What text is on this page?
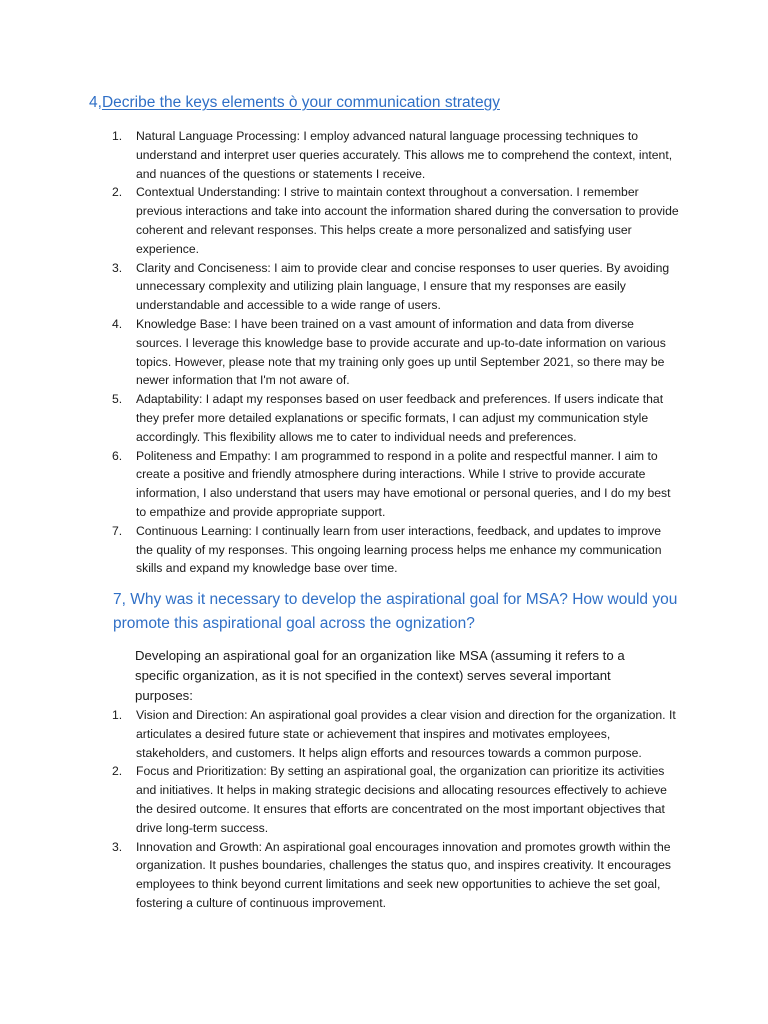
4,Decribe the keys elements ò your communication strategy
1.	Natural Language Processing: I employ advanced natural language processing techniques to understand and interpret user queries accurately. This allows me to comprehend the context, intent, and nuances of the questions or statements I receive.
2.	Contextual Understanding: I strive to maintain context throughout a conversation. I remember previous interactions and take into account the information shared during the conversation to provide coherent and relevant responses. This helps create a more personalized and satisfying user experience.
3.	Clarity and Conciseness: I aim to provide clear and concise responses to user queries. By avoiding unnecessary complexity and utilizing plain language, I ensure that my responses are easily understandable and accessible to a wide range of users.
4.	Knowledge Base: I have been trained on a vast amount of information and data from diverse sources. I leverage this knowledge base to provide accurate and up-to-date information on various topics. However, please note that my training only goes up until September 2021, so there may be newer information that I'm not aware of.
5.	Adaptability: I adapt my responses based on user feedback and preferences. If users indicate that they prefer more detailed explanations or specific formats, I can adjust my communication style accordingly. This flexibility allows me to cater to individual needs and preferences.
6.	Politeness and Empathy: I am programmed to respond in a polite and respectful manner. I aim to create a positive and friendly atmosphere during interactions. While I strive to provide accurate information, I also understand that users may have emotional or personal queries, and I do my best to empathize and provide appropriate support.
7.	Continuous Learning: I continually learn from user interactions, feedback, and updates to improve the quality of my responses. This ongoing learning process helps me enhance my communication skills and expand my knowledge base over time.
7, Why was it necessary to develop the aspirational goal for MSA? How would you promote this aspirational goal across the ognization?
Developing an aspirational goal for an organization like MSA (assuming it refers to a specific organization, as it is not specified in the context) serves several important purposes:
1.	Vision and Direction: An aspirational goal provides a clear vision and direction for the organization. It articulates a desired future state or achievement that inspires and motivates employees, stakeholders, and customers. It helps align efforts and resources towards a common purpose.
2.	Focus and Prioritization: By setting an aspirational goal, the organization can prioritize its activities and initiatives. It helps in making strategic decisions and allocating resources effectively to achieve the desired outcome. It ensures that efforts are concentrated on the most important objectives that drive long-term success.
3.	Innovation and Growth: An aspirational goal encourages innovation and promotes growth within the organization. It pushes boundaries, challenges the status quo, and inspires creativity. It encourages employees to think beyond current limitations and seek new opportunities to achieve the set goal, fostering a culture of continuous improvement.
